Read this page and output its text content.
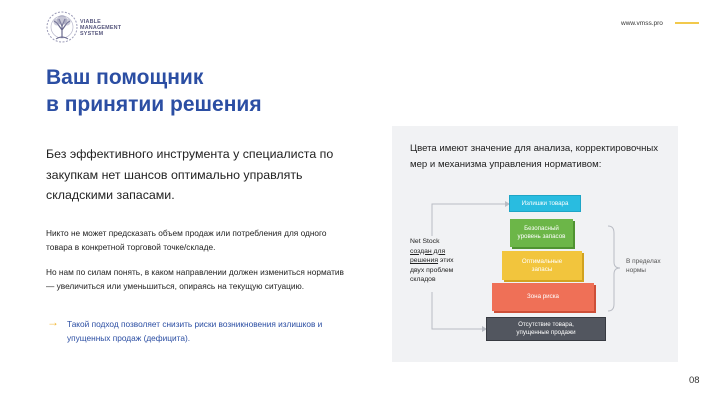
VIABLE
MANAGEMENT
SYSTEM
www.vmss.pro
Ваш помощник
в принятии решения
Без эффективного инструмента у специалиста по закупкам нет шансов оптимально управлять складскими запасами.
Никто не может предсказать объем продаж или потребления для одного товара в конкретной торговой точке/складе.
Но нам по силам понять, в каком направлении должен измениться норматив — увеличиться или уменьшиться, опираясь на текущую ситуацию.
→ Такой подход позволяет снизить риски возникновения излишков и упущенных продаж (дефицита).
Цвета имеют значение для анализа, корректировочных мер и механизма управления нормативом:
Излишки товара
Безопасный
уровень запасов
Оптимальные
запасы
Зона риска
Отсутствие товара,
упущенные продажи
Net Stock
создан для
решения этих
двух проблем
складов
В пределах
нормы
08
